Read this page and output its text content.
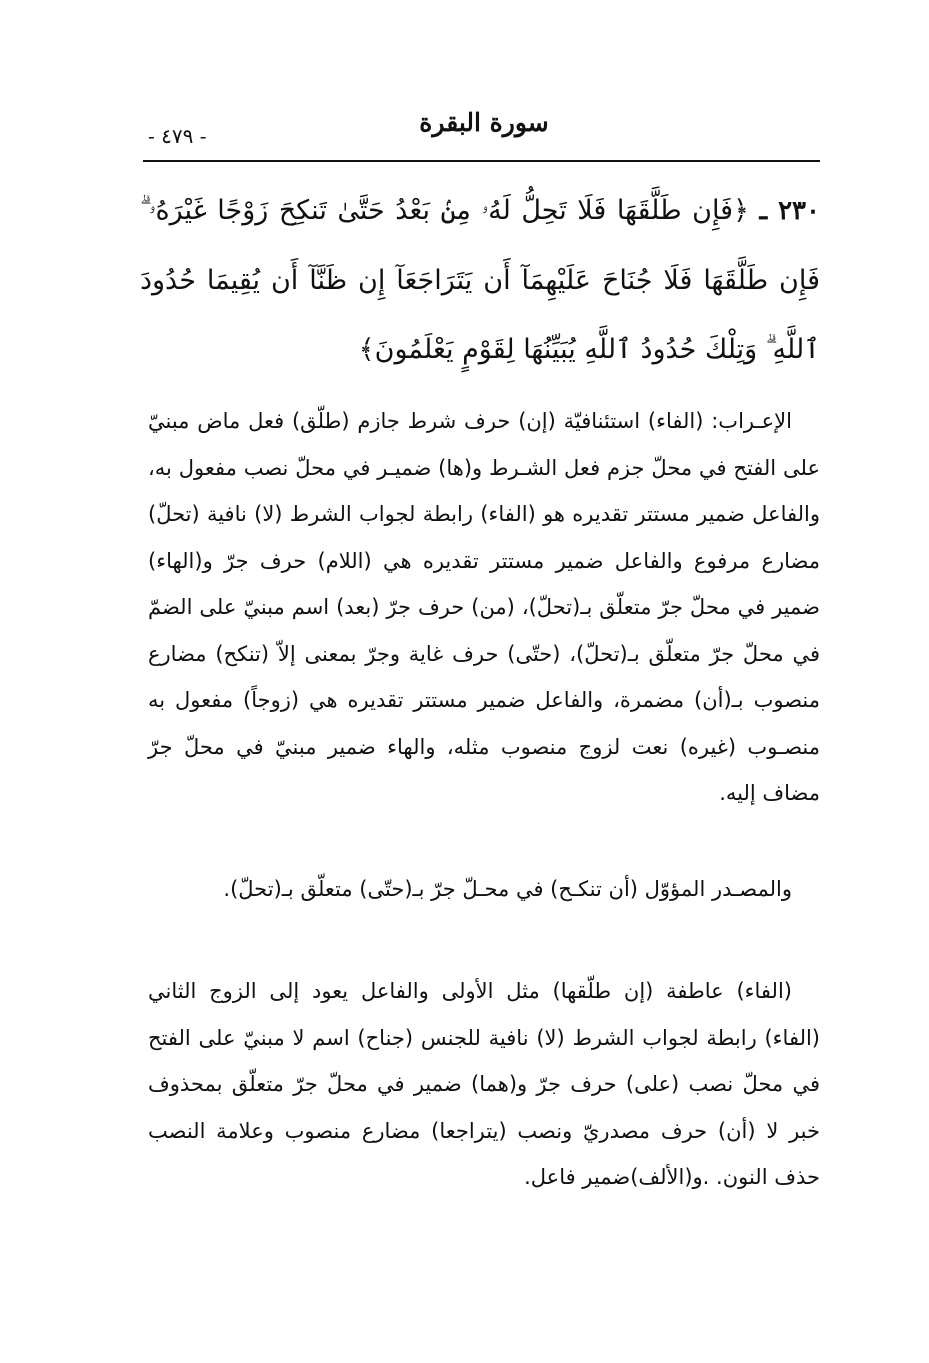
سورة البقرة
- ٤٧٩ -
٢٣٠ ـ ﴿فَإِن طَلَّقَهَا فَلَا تَحِلُّ لَهُۥ مِنۢ بَعْدُ حَتَّىٰ تَنكِحَ زَوْجًا غَيْرَهُۥ ۗ فَإِن طَلَّقَهَا فَلَا جُنَاحَ عَلَيْهِمَآ أَن يَتَرَاجَعَآ إِن ظَنَّآ أَن يُقِيمَا حُدُودَ ٱللَّهِ ۗ وَتِلْكَ حُدُودُ ٱللَّهِ يُبَيِّنُهَا لِقَوْمٍ يَعْلَمُونَ﴾

الإعـراب: (الفاء) استئنافيّة (إن) حرف شرط جازم (طلّق) فعل ماض مبنيّ على الفتح في محلّ جزم فعل الشـرط و(ها) ضميـر في محلّ نصب مفعول به، والفاعل ضمير مستتر تقديره هو (الفاء) رابطة لجواب الشرط (لا) نافية (تحلّ) مضارع مرفوع والفاعل ضمير مستتر تقديره هي (اللام) حرف جرّ و(الهاء) ضمير في محلّ جرّ متعلّق بـ(تحلّ)، (من) حرف جرّ (بعد) اسم مبنيّ على الضمّ في محلّ جرّ متعلّق بـ(تحلّ)، (حتّى) حرف غاية وجرّ بمعنى إلاّ (تنكح) مضارع منصوب بـ(أن) مضمرة، والفاعل ضمير مستتر تقديره هي (زوجاً) مفعول به منصـوب (غيره) نعت لزوج منصوب مثله، والهاء ضمير مبنيّ في محلّ جرّ مضاف إليه.

والمصـدر المؤوّل (أن تنكـح) في محـلّ جرّ بـ(حتّى) متعلّق بـ(تحلّ).

(الفاء) عاطفة (إن طلّقها) مثل الأولى والفاعل يعود إلى الزوج الثاني (الفاء) رابطة لجواب الشرط (لا) نافية للجنس (جناح) اسم لا مبنيّ على الفتح في محلّ نصب (على) حرف جرّ و(هما) ضمير في محلّ جرّ متعلّق بمحذوف خبر لا (أن) حرف مصدريّ ونصب (يتراجعا) مضارع منصوب وعلامة النصب حذف النون. .و(الألف)ضمير فاعل.
